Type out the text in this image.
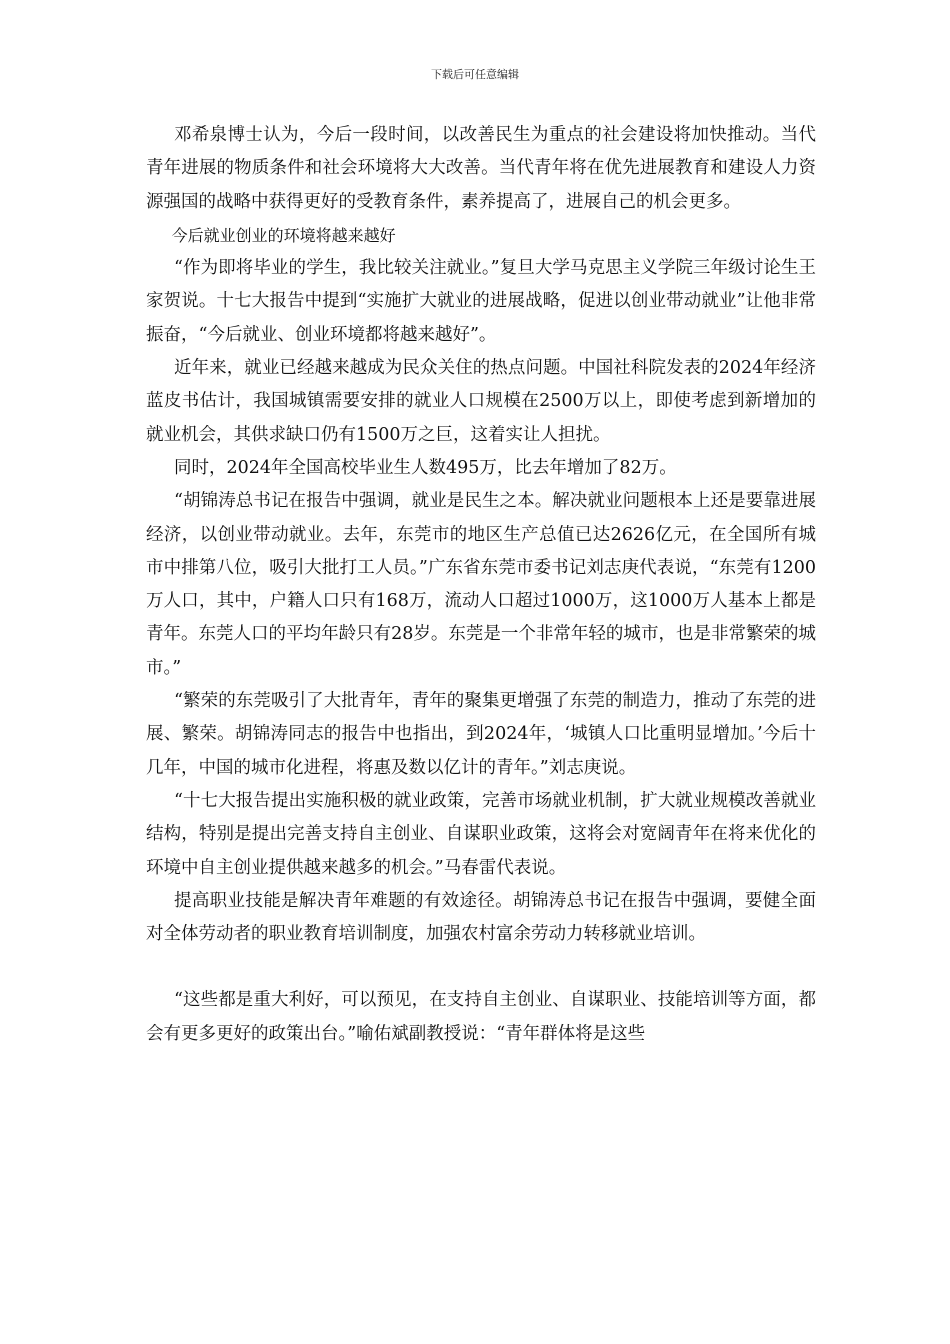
下载后可任意编辑

邓希泉博士认为，今后一段时间，以改善民生为重点的社会建设将加快推动。当代青年进展的物质条件和社会环境将大大改善。当代青年将在优先进展教育和建设人力资源强国的战略中获得更好的受教育条件，素养提高了，进展自己的机会更多。

今后就业创业的环境将越来越好

“作为即将毕业的学生，我比较关注就业。”复旦大学马克思主义学院三年级讨论生王家贺说。十七大报告中提到“实施扩大就业的进展战略，促进以创业带动就业”让他非常振奋，“今后就业、创业环境都将越来越好”。

近年来，就业已经越来越成为民众关住的热点问题。中国社科院发表的2024年经济蓝皮书估计，我国城镇需要安排的就业人口规模在2500万以上，即使考虑到新增加的就业机会，其供求缺口仍有1500万之巨，这着实让人担扰。

同时，2024年全国高校毕业生人数495万，比去年增加了82万。

“胡锦涛总书记在报告中强调，就业是民生之本。解决就业问题根本上还是要靠进展经济，以创业带动就业。去年，东莞市的地区生产总值已达2626亿元，在全国所有城市中排第八位，吸引大批打工人员。”广东省东莞市委书记刘志庚代表说，“东莞有1200万人口，其中，户籍人口只有168万，流动人口超过1000万，这1000万人基本上都是青年。东莞人口的平均年龄只有28岁。东莞是一个非常年轻的城市，也是非常繁荣的城市。”

“繁荣的东莞吸引了大批青年，青年的聚集更增强了东莞的制造力，推动了东莞的进展、繁荣。胡锦涛同志的报告中也指出，到2024年，‘城镇人口比重明显增加。’今后十几年，中国的城市化进程，将惠及数以亿计的青年。”刘志庚说。

“十七大报告提出实施积极的就业政策，完善市场就业机制，扩大就业规模改善就业结构，特别是提出完善支持自主创业、自谋职业政策，这将会对宽阔青年在将来优化的环境中自主创业提供越来越多的机会。”马春雷代表说。

提高职业技能是解决青年难题的有效途径。胡锦涛总书记在报告中强调，要健全面对全体劳动者的职业教育培训制度，加强农村富余劳动力转移就业培训。

“这些都是重大利好，可以预见，在支持自主创业、自谋职业、技能培训等方面，都会有更多更好的政策出台。”喻佑斌副教授说：“青年群体将是这些
